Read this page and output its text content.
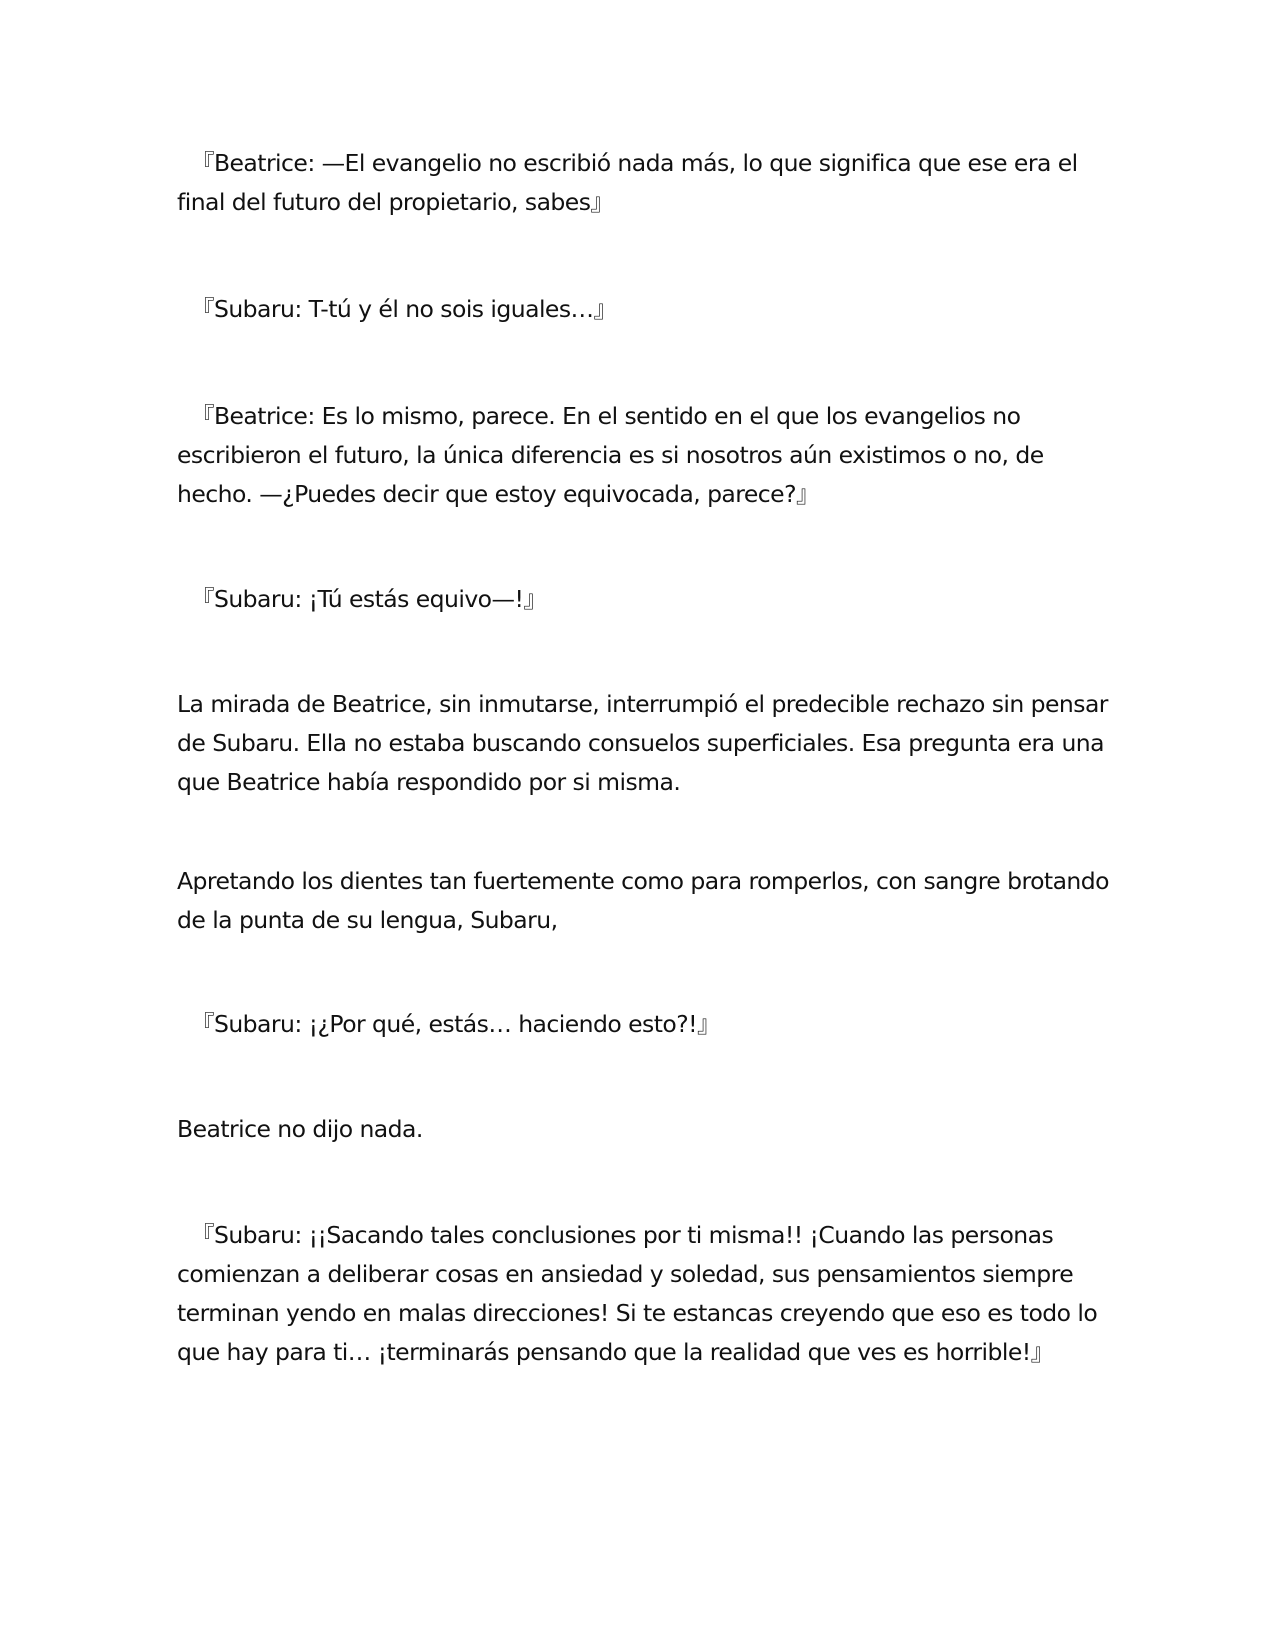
『Beatrice: —El evangelio no escribió nada más, lo que significa que ese era el final del futuro del propietario, sabes』

『Subaru: T-tú y él no sois iguales…』

『Beatrice: Es lo mismo, parece. En el sentido en el que los evangelios no escribieron el futuro, la única diferencia es si nosotros aún existimos o no, de hecho. —¿Puedes decir que estoy equivocada, parece?』

『Subaru: ¡Tú estás equivo—!』

La mirada de Beatrice, sin inmutarse, interrumpió el predecible rechazo sin pensar de Subaru. Ella no estaba buscando consuelos superficiales. Esa pregunta era una que Beatrice había respondido por si misma.

Apretando los dientes tan fuertemente como para romperlos, con sangre brotando de la punta de su lengua, Subaru,

『Subaru: ¡¿Por qué, estás… haciendo esto?!』

Beatrice no dijo nada.

『Subaru: ¡¡Sacando tales conclusiones por ti misma!! ¡Cuando las personas comienzan a deliberar cosas en ansiedad y soledad, sus pensamientos siempre terminan yendo en malas direcciones! Si te estancas creyendo que eso es todo lo que hay para ti… ¡terminarás pensando que la realidad que ves es horrible!』
